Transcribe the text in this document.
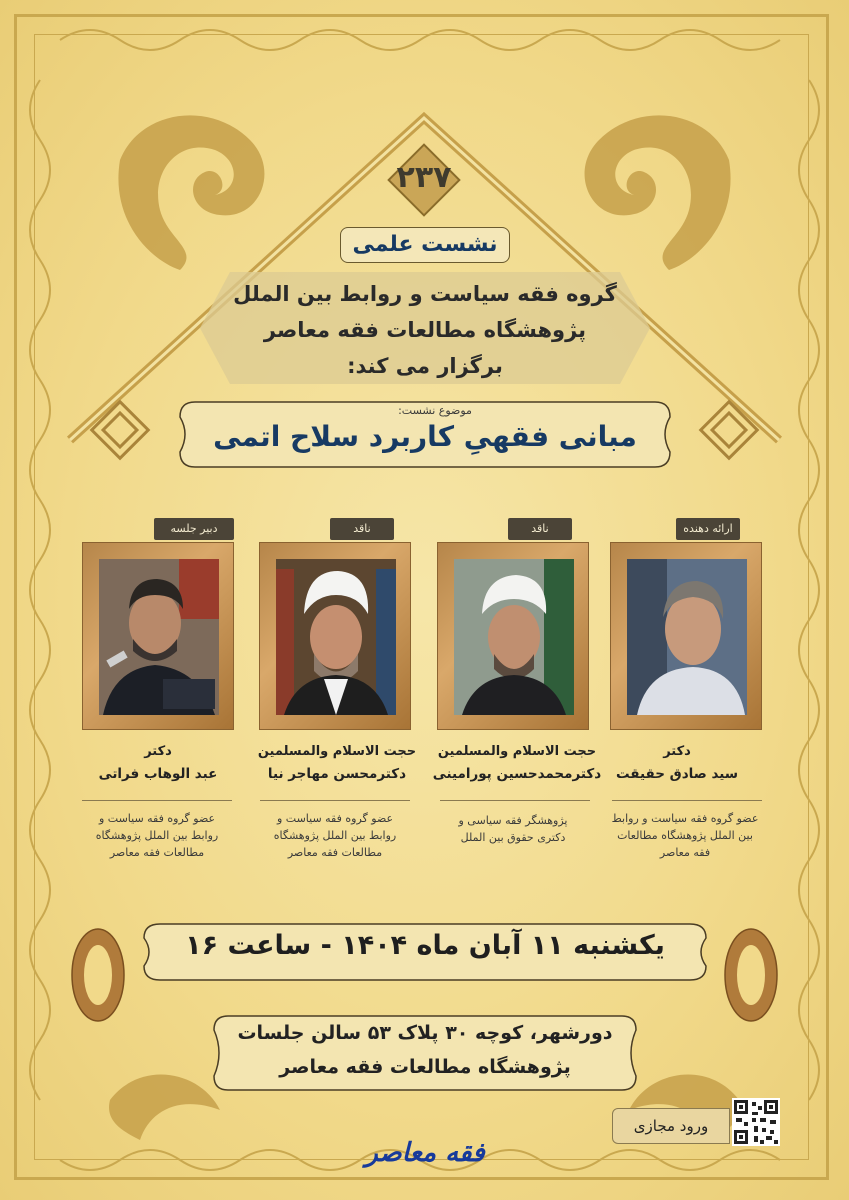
۲۳۷
نشست علمی
گروه فقه سیاست و روابط بین الملل
پژوهشگاه مطالعات فقه معاصر
برگزار می کند:
موضوع نشست:
مبانی فقهیِ کاربرد سلاح اتمی
ارائه دهنده
دکتر
سید صادق حقیقت
عضو گروه فقه سیاست و روابط
بین الملل پژوهشگاه مطالعات
فقه معاصر
ناقد
حجت الاسلام والمسلمین
دکترمحمدحسین پورامینی
پژوهشگر فقه سیاسی و
دکتری حقوق بین الملل
ناقد
حجت الاسلام والمسلمین
دکترمحسن مهاجر نیا
عضو گروه فقه سیاست و
روابط بین الملل پژوهشگاه
مطالعات فقه معاصر
دبیر جلسه
دکتر
عبد الوهاب فراتی
عضو گروه فقه سیاست و
روابط بین الملل پژوهشگاه
مطالعات فقه معاصر
یکشنبه ۱۱ آبان ماه ۱۴۰۴ - ساعت ۱۶
دورشهر، کوچه ۳۰ پلاک ۵۳ سالن جلسات
پژوهشگاه مطالعات فقه معاصر
ورود مجازی
فقه معاصر
